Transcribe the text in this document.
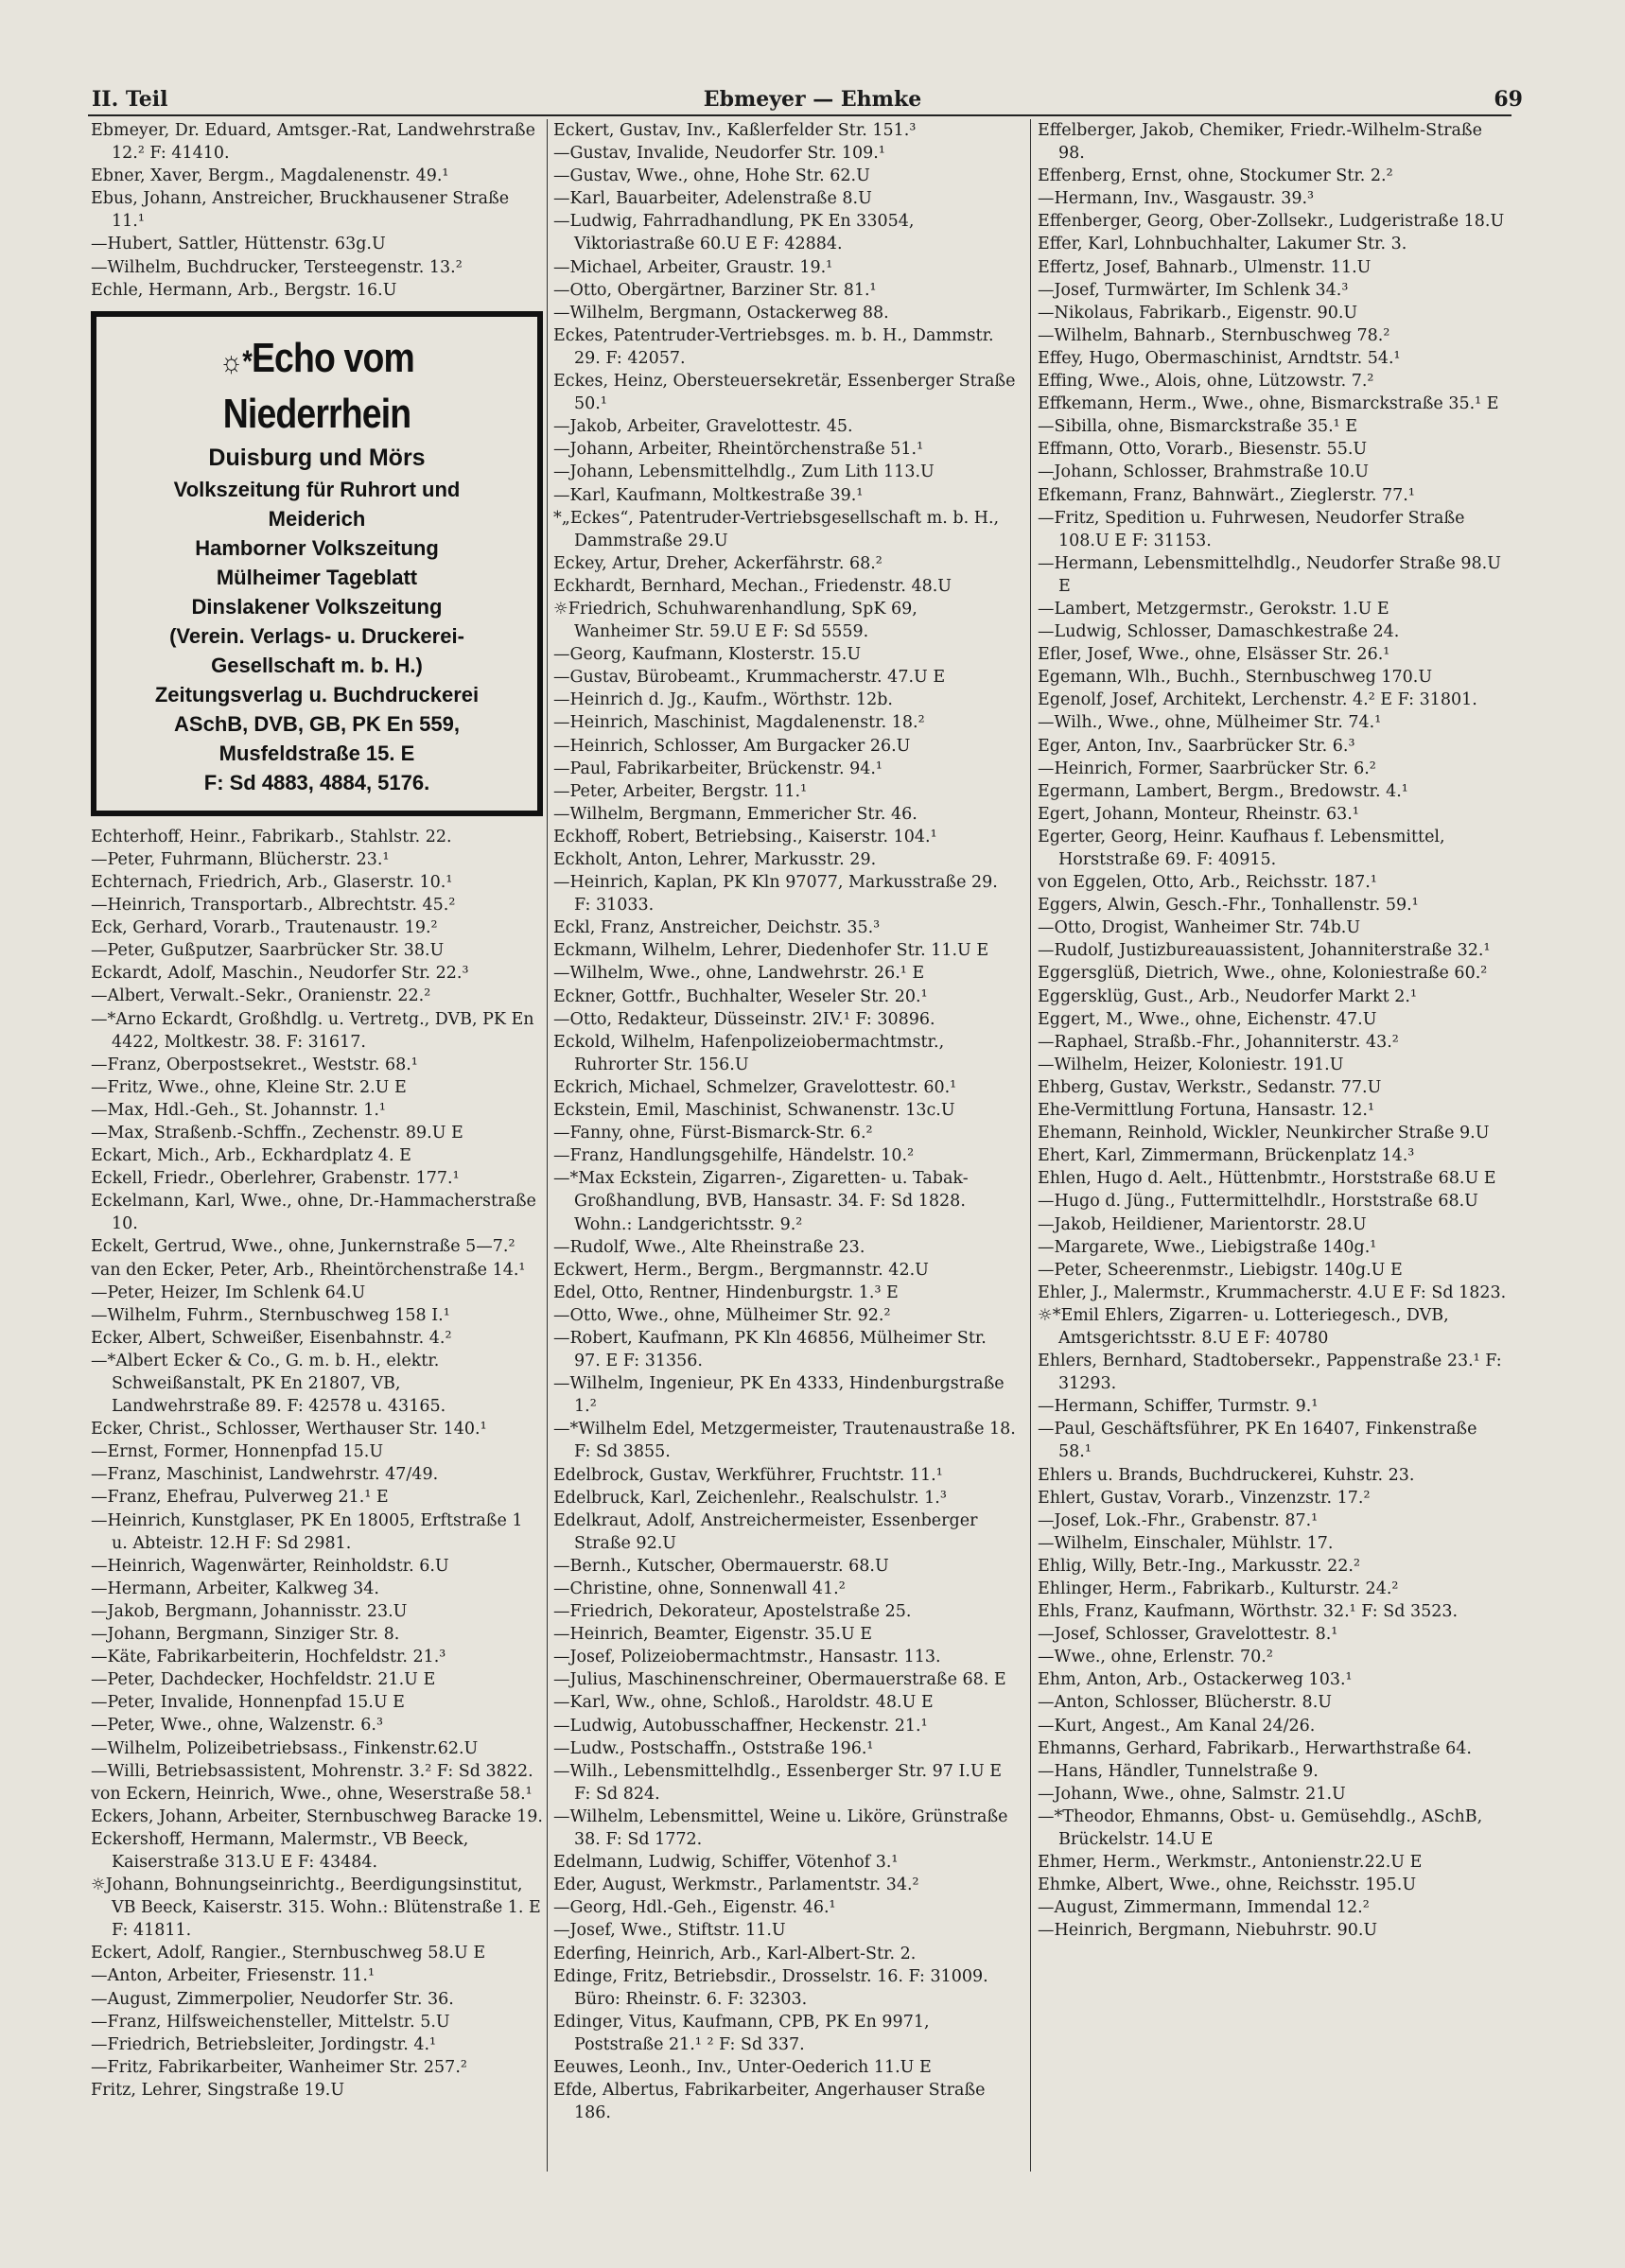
II. Teil	Ebmeyer — Ehmke	69

Ebmeyer, Dr. Eduard, Amtsger.-Rat, Landwehrstraße 12.² F: 41410.

Ebner, Xaver, Bergm., Magdalenenstr. 49.¹

Ebus, Johann, Anstreicher, Bruckhausener Straße 11.¹

—Hubert, Sattler, Hüttenstr. 63g.U

—Wilhelm, Buchdrucker, Tersteegenstr. 13.²

Echle, Hermann, Arb., Bergstr. 16.U

☼*Echo vom Niederrhein
Duisburg und Mörs
Volkszeitung für Ruhrort und
Meiderich
Hamborner Volkszeitung
Mülheimer Tageblatt
Dinslakener Volkszeitung
(Verein. Verlags- u. Druckerei-
Gesellschaft m. b. H.)
Zeitungsverlag u. Buchdruckerei
ASchB, DVB, GB, PK En 559,
Musfeldstraße 15. E
F: Sd 4883, 4884, 5176.

Echterhoff, Heinr., Fabrikarb., Stahlstr. 22.

—Peter, Fuhrmann, Blücherstr. 23.¹

Echternach, Friedrich, Arb., Glaserstr. 10.¹

—Heinrich, Transportarb., Albrechtstr. 45.²

Eck, Gerhard, Vorarb., Trautenaustr. 19.²

—Peter, Gußputzer, Saarbrücker Str. 38.U

Eckardt, Adolf, Maschin., Neudorfer Str. 22.³

—Albert, Verwalt.-Sekr., Oranienstr. 22.²

—*Arno Eckardt, Großhdlg. u. Vertretg., DVB, PK En 4422, Moltkestr. 38. F: 31617.

—Franz, Oberpostsekret., Weststr. 68.¹

—Fritz, Wwe., ohne, Kleine Str. 2.U E

—Max, Hdl.-Geh., St. Johannstr. 1.¹

—Max, Straßenb.-Schffn., Zechenstr. 89.U E

Eckart, Mich., Arb., Eckhardplatz 4. E

Eckell, Friedr., Oberlehrer, Grabenstr. 177.¹

Eckelmann, Karl, Wwe., ohne, Dr.-Hammacherstraße 10.

Eckelt, Gertrud, Wwe., ohne, Junkernstraße 5—7.²

van den Ecker, Peter, Arb., Rheintörchenstraße 14.¹

—Peter, Heizer, Im Schlenk 64.U

—Wilhelm, Fuhrm., Sternbuschweg 158 I.¹

Ecker, Albert, Schweißer, Eisenbahnstr. 4.²

—*Albert Ecker & Co., G. m. b. H., elektr. Schweißanstalt, PK En 21807, VB, Landwehrstraße 89. F: 42578 u. 43165.

Ecker, Christ., Schlosser, Werthauser Str. 140.¹

—Ernst, Former, Honnenpfad 15.U

—Franz, Maschinist, Landwehrstr. 47/49.

—Franz, Ehefrau, Pulverweg 21.¹ E

—Heinrich, Kunstglaser, PK En 18005, Erftstraße 1 u. Abteistr. 12.H F: Sd 2981.

—Heinrich, Wagenwärter, Reinholdstr. 6.U

—Hermann, Arbeiter, Kalkweg 34.

—Jakob, Bergmann, Johannisstr. 23.U

—Johann, Bergmann, Sinziger Str. 8.

—Käte, Fabrikarbeiterin, Hochfeldstr. 21.³

—Peter, Dachdecker, Hochfeldstr. 21.U E

—Peter, Invalide, Honnenpfad 15.U E

—Peter, Wwe., ohne, Walzenstr. 6.³

—Wilhelm, Polizeibetriebsass., Finkenstr.62.U

—Willi, Betriebsassistent, Mohrenstr. 3.² F: Sd 3822.

von Eckern, Heinrich, Wwe., ohne, Weserstraße 58.¹

Eckers, Johann, Arbeiter, Sternbuschweg Baracke 19.

Eckershoff, Hermann, Malermstr., VB Beeck, Kaiserstraße 313.U E F: 43484.

☼Johann, Bohnungseinrichtg., Beerdigungsinstitut, VB Beeck, Kaiserstr. 315. Wohn.: Blütenstraße 1. E F: 41811.

Eckert, Adolf, Rangier., Sternbuschweg 58.U E

—Anton, Arbeiter, Friesenstr. 11.¹

—August, Zimmerpolier, Neudorfer Str. 36.

—Franz, Hilfsweichensteller, Mittelstr. 5.U

—Friedrich, Betriebsleiter, Jordingstr. 4.¹

—Fritz, Fabrikarbeiter, Wanheimer Str. 257.²

Fritz, Lehrer, Singstraße 19.U

Eckert, Gustav, Inv., Kaßlerfelder Str. 151.³

—Gustav, Invalide, Neudorfer Str. 109.¹

—Gustav, Wwe., ohne, Hohe Str. 62.U

—Karl, Bauarbeiter, Adelenstraße 8.U

—Ludwig, Fahrradhandlung, PK En 33054, Viktoriastraße 60.U E F: 42884.

—Michael, Arbeiter, Graustr. 19.¹

—Otto, Obergärtner, Barziner Str. 81.¹

—Wilhelm, Bergmann, Ostackerweg 88.

Eckes, Patentruder-Vertriebsges. m. b. H., Dammstr. 29. F: 42057.

Eckes, Heinz, Obersteuersekretär, Essenberger Straße 50.¹

—Jakob, Arbeiter, Gravelottestr. 45.

—Johann, Arbeiter, Rheintörchenstraße 51.¹

—Johann, Lebensmittelhdlg., Zum Lith 113.U

—Karl, Kaufmann, Moltkestraße 39.¹

*„Eckes“, Patentruder-Vertriebsgesellschaft m. b. H., Dammstraße 29.U

Eckey, Artur, Dreher, Ackerfährstr. 68.²

Eckhardt, Bernhard, Mechan., Friedenstr. 48.U

☼Friedrich, Schuhwarenhandlung, SpK 69, Wanheimer Str. 59.U E F: Sd 5559.

—Georg, Kaufmann, Klosterstr. 15.U

—Gustav, Bürobeamt., Krummacherstr. 47.U E

—Heinrich d. Jg., Kaufm., Wörthstr. 12b.

—Heinrich, Maschinist, Magdalenenstr. 18.²

—Heinrich, Schlosser, Am Burgacker 26.U

—Paul, Fabrikarbeiter, Brückenstr. 94.¹

—Peter, Arbeiter, Bergstr. 11.¹

—Wilhelm, Bergmann, Emmericher Str. 46.

Eckhoff, Robert, Betriebsing., Kaiserstr. 104.¹

Eckholt, Anton, Lehrer, Markusstr. 29.

—Heinrich, Kaplan, PK Kln 97077, Markusstraße 29. F: 31033.

Eckl, Franz, Anstreicher, Deichstr. 35.³

Eckmann, Wilhelm, Lehrer, Diedenhofer Str. 11.U E

—Wilhelm, Wwe., ohne, Landwehrstr. 26.¹ E

Eckner, Gottfr., Buchhalter, Weseler Str. 20.¹

—Otto, Redakteur, Düsseinstr. 2IV.¹ F: 30896.

Eckold, Wilhelm, Hafenpolizeiobermachtmstr., Ruhrorter Str. 156.U

Eckrich, Michael, Schmelzer, Gravelottestr. 60.¹

Eckstein, Emil, Maschinist, Schwanenstr. 13c.U

—Fanny, ohne, Fürst-Bismarck-Str. 6.²

—Franz, Handlungsgehilfe, Händelstr. 10.²

—*Max Eckstein, Zigarren-, Zigaretten- u. Tabak-Großhandlung, BVB, Hansastr. 34. F: Sd 1828. Wohn.: Landgerichtsstr. 9.²

—Rudolf, Wwe., Alte Rheinstraße 23.

Eckwert, Herm., Bergm., Bergmannstr. 42.U

Edel, Otto, Rentner, Hindenburgstr. 1.³ E

—Otto, Wwe., ohne, Mülheimer Str. 92.²

—Robert, Kaufmann, PK Kln 46856, Mülheimer Str. 97. E F: 31356.

—Wilhelm, Ingenieur, PK En 4333, Hindenburgstraße 1.²

—*Wilhelm Edel, Metzgermeister, Trautenaustraße 18. F: Sd 3855.

Edelbrock, Gustav, Werkführer, Fruchtstr. 11.¹

Edelbruck, Karl, Zeichenlehr., Realschulstr. 1.³

Edelkraut, Adolf, Anstreichermeister, Essenberger Straße 92.U

—Bernh., Kutscher, Obermauerstr. 68.U

—Christine, ohne, Sonnenwall 41.²

—Friedrich, Dekorateur, Apostelstraße 25.

—Heinrich, Beamter, Eigenstr. 35.U E

—Josef, Polizeiobermachtmstr., Hansastr. 113.

—Julius, Maschinenschreiner, Obermauerstraße 68. E

—Karl, Ww., ohne, Schloß., Haroldstr. 48.U E

—Ludwig, Autobusschaffner, Heckenstr. 21.¹

—Ludw., Postschaffn., Oststraße 196.¹

—Wilh., Lebensmittelhdlg., Essenberger Str. 97 I.U E F: Sd 824.

—Wilhelm, Lebensmittel, Weine u. Liköre, Grünstraße 38. F: Sd 1772.

Edelmann, Ludwig, Schiffer, Vötenhof 3.¹

Eder, August, Werkmstr., Parlamentstr. 34.²

—Georg, Hdl.-Geh., Eigenstr. 46.¹

—Josef, Wwe., Stiftstr. 11.U

Ederfing, Heinrich, Arb., Karl-Albert-Str. 2.

Edinge, Fritz, Betriebsdir., Drosselstr. 16. F: 31009. Büro: Rheinstr. 6. F: 32303.

Edinger, Vitus, Kaufmann, CPB, PK En 9971, Poststraße 21.¹ ² F: Sd 337.

Eeuwes, Leonh., Inv., Unter-Oederich 11.U E

Efde, Albertus, Fabrikarbeiter, Angerhauser Straße 186.

Effelberger, Jakob, Chemiker, Friedr.-Wilhelm-Straße 98.

Effenberg, Ernst, ohne, Stockumer Str. 2.²

—Hermann, Inv., Wasgaustr. 39.³

Effenberger, Georg, Ober-Zollsekr., Ludgeristraße 18.U

Effer, Karl, Lohnbuchhalter, Lakumer Str. 3.

Effertz, Josef, Bahnarb., Ulmenstr. 11.U

—Josef, Turmwärter, Im Schlenk 34.³

—Nikolaus, Fabrikarb., Eigenstr. 90.U

—Wilhelm, Bahnarb., Sternbuschweg 78.²

Effey, Hugo, Obermaschinist, Arndtstr. 54.¹

Effing, Wwe., Alois, ohne, Lützowstr. 7.²

Effkemann, Herm., Wwe., ohne, Bismarckstraße 35.¹ E

—Sibilla, ohne, Bismarckstraße 35.¹ E

Effmann, Otto, Vorarb., Biesenstr. 55.U

—Johann, Schlosser, Brahmstraße 10.U

Efkemann, Franz, Bahnwärt., Zieglerstr. 77.¹

—Fritz, Spedition u. Fuhrwesen, Neudorfer Straße 108.U E F: 31153.

—Hermann, Lebensmittelhdlg., Neudorfer Straße 98.U E

—Lambert, Metzgermstr., Gerokstr. 1.U E

—Ludwig, Schlosser, Damaschkestraße 24.

Efler, Josef, Wwe., ohne, Elsässer Str. 26.¹

Egemann, Wlh., Buchh., Sternbuschweg 170.U

Egenolf, Josef, Architekt, Lerchenstr. 4.² E F: 31801.

—Wilh., Wwe., ohne, Mülheimer Str. 74.¹

Eger, Anton, Inv., Saarbrücker Str. 6.³

—Heinrich, Former, Saarbrücker Str. 6.²

Egermann, Lambert, Bergm., Bredowstr. 4.¹

Egert, Johann, Monteur, Rheinstr. 63.¹

Egerter, Georg, Heinr. Kaufhaus f. Lebensmittel, Horststraße 69. F: 40915.

von Eggelen, Otto, Arb., Reichsstr. 187.¹

Eggers, Alwin, Gesch.-Fhr., Tonhallenstr. 59.¹

—Otto, Drogist, Wanheimer Str. 74b.U

—Rudolf, Justizbureauassistent, Johanniterstraße 32.¹

Eggersglüß, Dietrich, Wwe., ohne, Koloniestraße 60.²

Eggersklüg, Gust., Arb., Neudorfer Markt 2.¹

Eggert, M., Wwe., ohne, Eichenstr. 47.U

—Raphael, Straßb.-Fhr., Johanniterstr. 43.²

—Wilhelm, Heizer, Koloniestr. 191.U

Ehberg, Gustav, Werkstr., Sedanstr. 77.U

Ehe-Vermittlung Fortuna, Hansastr. 12.¹

Ehemann, Reinhold, Wickler, Neunkircher Straße 9.U

Ehert, Karl, Zimmermann, Brückenplatz 14.³

Ehlen, Hugo d. Aelt., Hüttenbmtr., Horststraße 68.U E

—Hugo d. Jüng., Futtermittelhdlr., Horststraße 68.U

—Jakob, Heildiener, Marientorstr. 28.U

—Margarete, Wwe., Liebigstraße 140g.¹

—Peter, Scheerenmstr., Liebigstr. 140g.U E

Ehler, J., Malermstr., Krummacherstr. 4.U E F: Sd 1823.

☼*Emil Ehlers, Zigarren- u. Lotteriegesch., DVB, Amtsgerichtsstr. 8.U E F: 40780

Ehlers, Bernhard, Stadtobersekr., Pappenstraße 23.¹ F: 31293.

—Hermann, Schiffer, Turmstr. 9.¹

—Paul, Geschäftsführer, PK En 16407, Finkenstraße 58.¹

Ehlers u. Brands, Buchdruckerei, Kuhstr. 23.

Ehlert, Gustav, Vorarb., Vinzenzstr. 17.²

—Josef, Lok.-Fhr., Grabenstr. 87.¹

—Wilhelm, Einschaler, Mühlstr. 17.

Ehlig, Willy, Betr.-Ing., Markusstr. 22.²

Ehlinger, Herm., Fabrikarb., Kulturstr. 24.²

Ehls, Franz, Kaufmann, Wörthstr. 32.¹ F: Sd 3523.

—Josef, Schlosser, Gravelottestr. 8.¹

—Wwe., ohne, Erlenstr. 70.²

Ehm, Anton, Arb., Ostackerweg 103.¹

—Anton, Schlosser, Blücherstr. 8.U

—Kurt, Angest., Am Kanal 24/26.

Ehmanns, Gerhard, Fabrikarb., Herwarthstraße 64.

—Hans, Händler, Tunnelstraße 9.

—Johann, Wwe., ohne, Salmstr. 21.U

—*Theodor, Ehmanns, Obst- u. Gemüsehdlg., ASchB, Brückelstr. 14.U E

Ehmer, Herm., Werkmstr., Antonienstr.22.U E

Ehmke, Albert, Wwe., ohne, Reichsstr. 195.U

—August, Zimmermann, Immendal 12.²

—Heinrich, Bergmann, Niebuhrstr. 90.U
